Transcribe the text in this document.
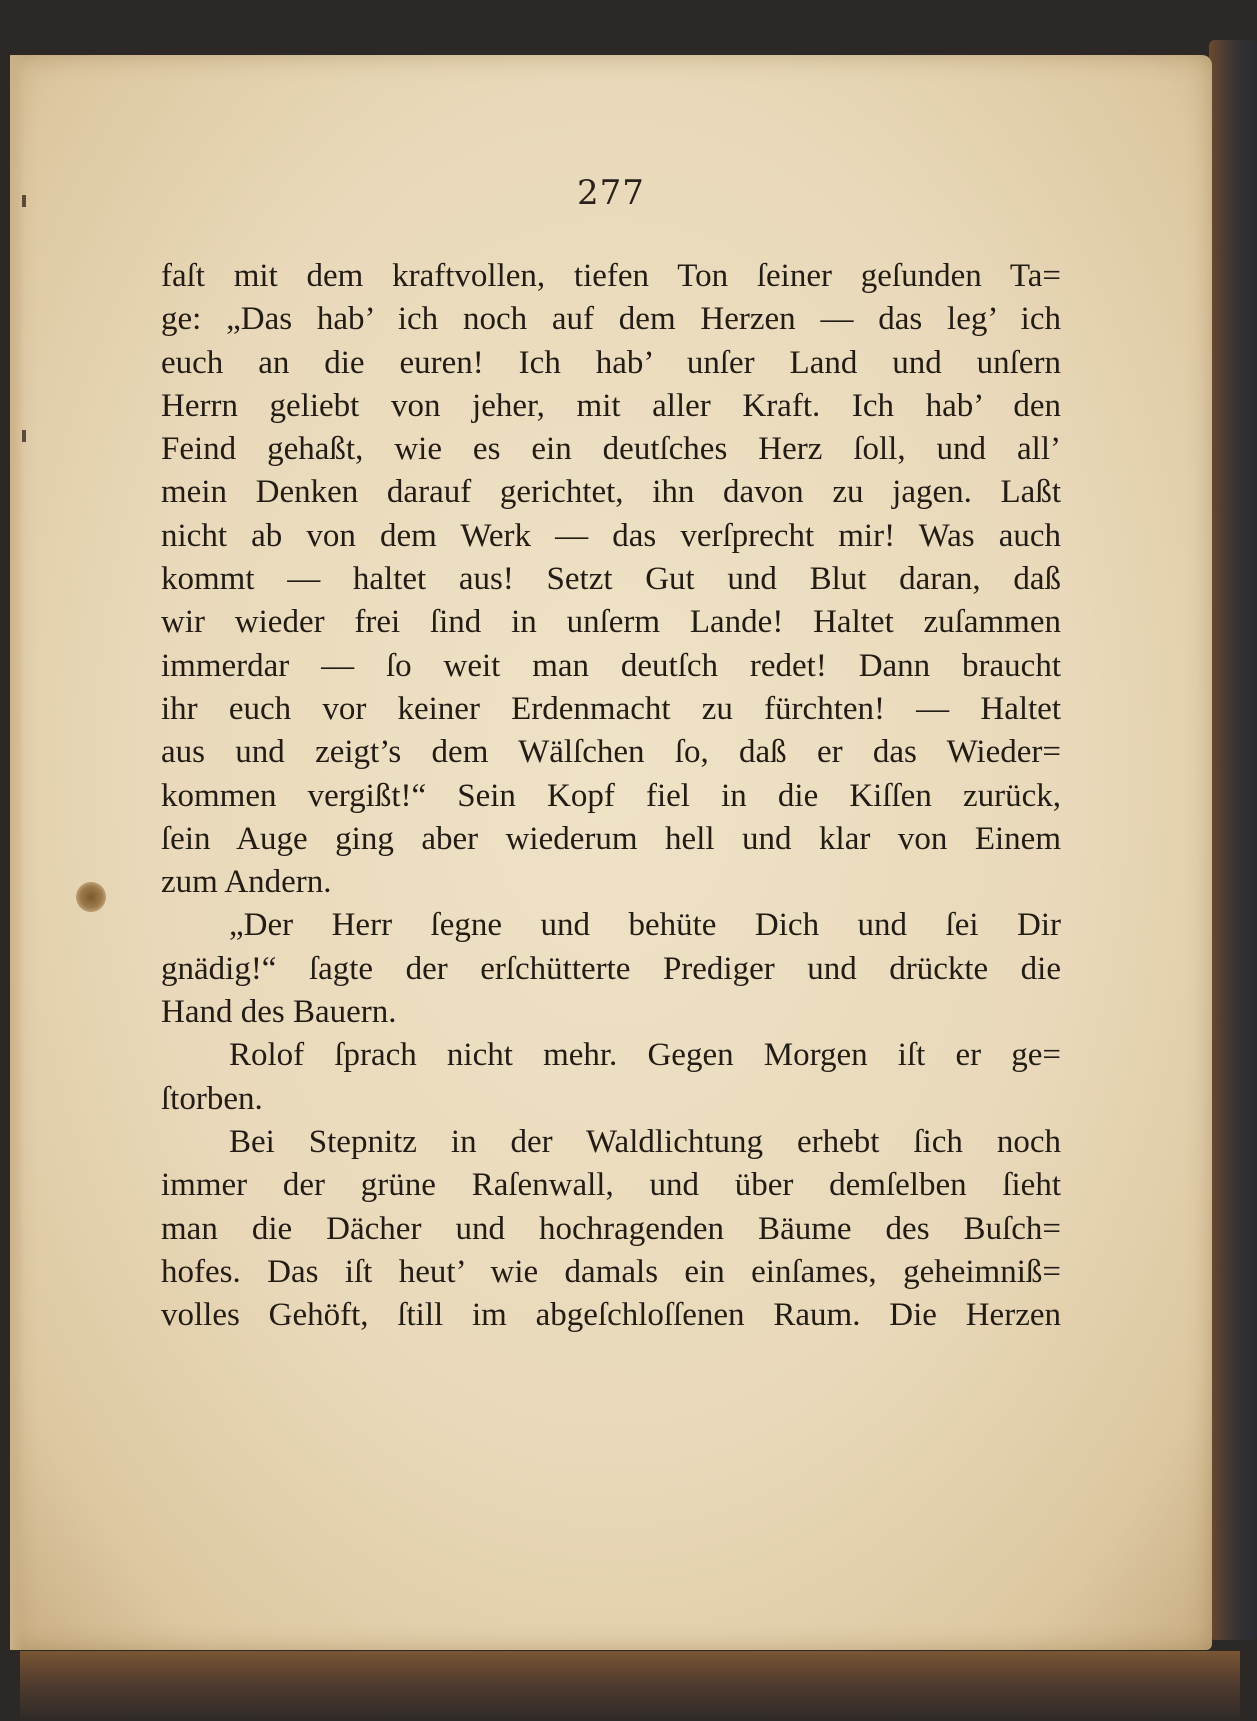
277
faſt mit dem kraftvollen, tiefen Ton ſeiner geſunden Ta=
ge: „Das hab’ ich noch auf dem Herzen — das leg’ ich
euch an die euren! Ich hab’ unſer Land und unſern
Herrn geliebt von jeher, mit aller Kraft. Ich hab’ den
Feind gehaßt, wie es ein deutſches Herz ſoll, und all’
mein Denken darauf gerichtet, ihn davon zu jagen. Laßt
nicht ab von dem Werk — das verſprecht mir! Was auch
kommt — haltet aus! Setzt Gut und Blut daran, daß
wir wieder frei ſind in unſerm Lande! Haltet zuſammen
immerdar — ſo weit man deutſch redet! Dann braucht
ihr euch vor keiner Erdenmacht zu fürchten! — Haltet
aus und zeigt’s dem Wälſchen ſo, daß er das Wieder=
kommen vergißt!“ Sein Kopf fiel in die Kiſſen zurück,
ſein Auge ging aber wiederum hell und klar von Einem
zum Andern.
„Der Herr ſegne und behüte Dich und ſei Dir
gnädig!“ ſagte der erſchütterte Prediger und drückte die
Hand des Bauern.
Rolof ſprach nicht mehr. Gegen Morgen iſt er ge=
ſtorben.
Bei Stepnitz in der Waldlichtung erhebt ſich noch
immer der grüne Raſenwall, und über demſelben ſieht
man die Dächer und hochragenden Bäume des Buſch=
hofes. Das iſt heut’ wie damals ein einſames, geheimniß=
volles Gehöft, ſtill im abgeſchloſſenen Raum. Die Herzen
